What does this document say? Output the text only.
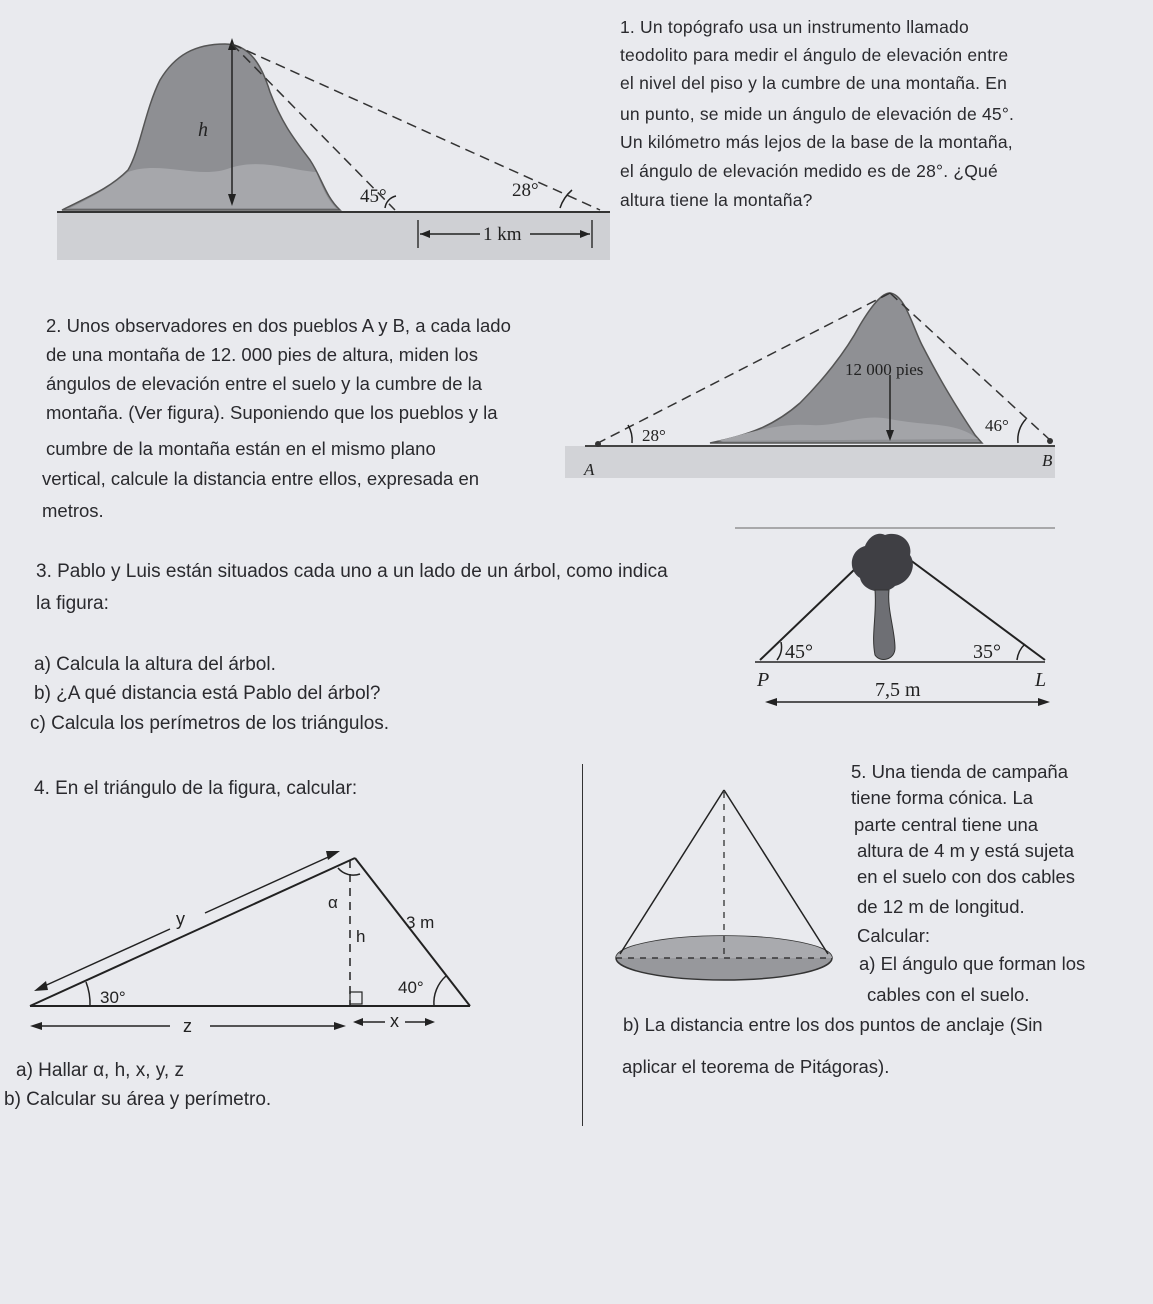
h
45°	28°
1 km
1. Un topógrafo usa un instrumento llamado
teodolito para medir el ángulo de elevación entre
el nivel del piso y la cumbre de una montaña. En
un punto, se mide un ángulo de elevación de 45°.
Un kilómetro más lejos de la base de la montaña,
el ángulo de elevación medido es de 28°. ¿Qué
altura tiene la montaña?
2. Unos observadores en dos pueblos A y B, a cada lado
de una montaña de 12. 000 pies de altura, miden los
ángulos de elevación entre el suelo y la cumbre de la
montaña. (Ver figura). Suponiendo que los pueblos y la
cumbre de la montaña están en el mismo plano
vertical, calcule la distancia entre ellos, expresada en
metros.
12 000 pies
28°
46°
A	B
3. Pablo y Luis están situados cada uno a un lado de un árbol, como indica
la figura:
a) Calcula la altura del árbol.
b) ¿A qué distancia está Pablo del árbol?
c) Calcula los perímetros de los triángulos.
45°	35°
P	L
7,5 m
4. En el triángulo de la figura, calcular:
α
y
h
3 m
30°
40°
z	x
a) Hallar α, h, x, y, z
b) Calcular su área y perímetro.
5. Una tienda de campaña
tiene forma cónica. La
parte central tiene una
altura de 4 m y está sujeta
en el suelo con dos cables
de 12 m de longitud.
Calcular:
a) El ángulo que forman los
cables con el suelo.
b) La distancia entre los dos puntos de anclaje (Sin
aplicar el teorema de Pitágoras).
